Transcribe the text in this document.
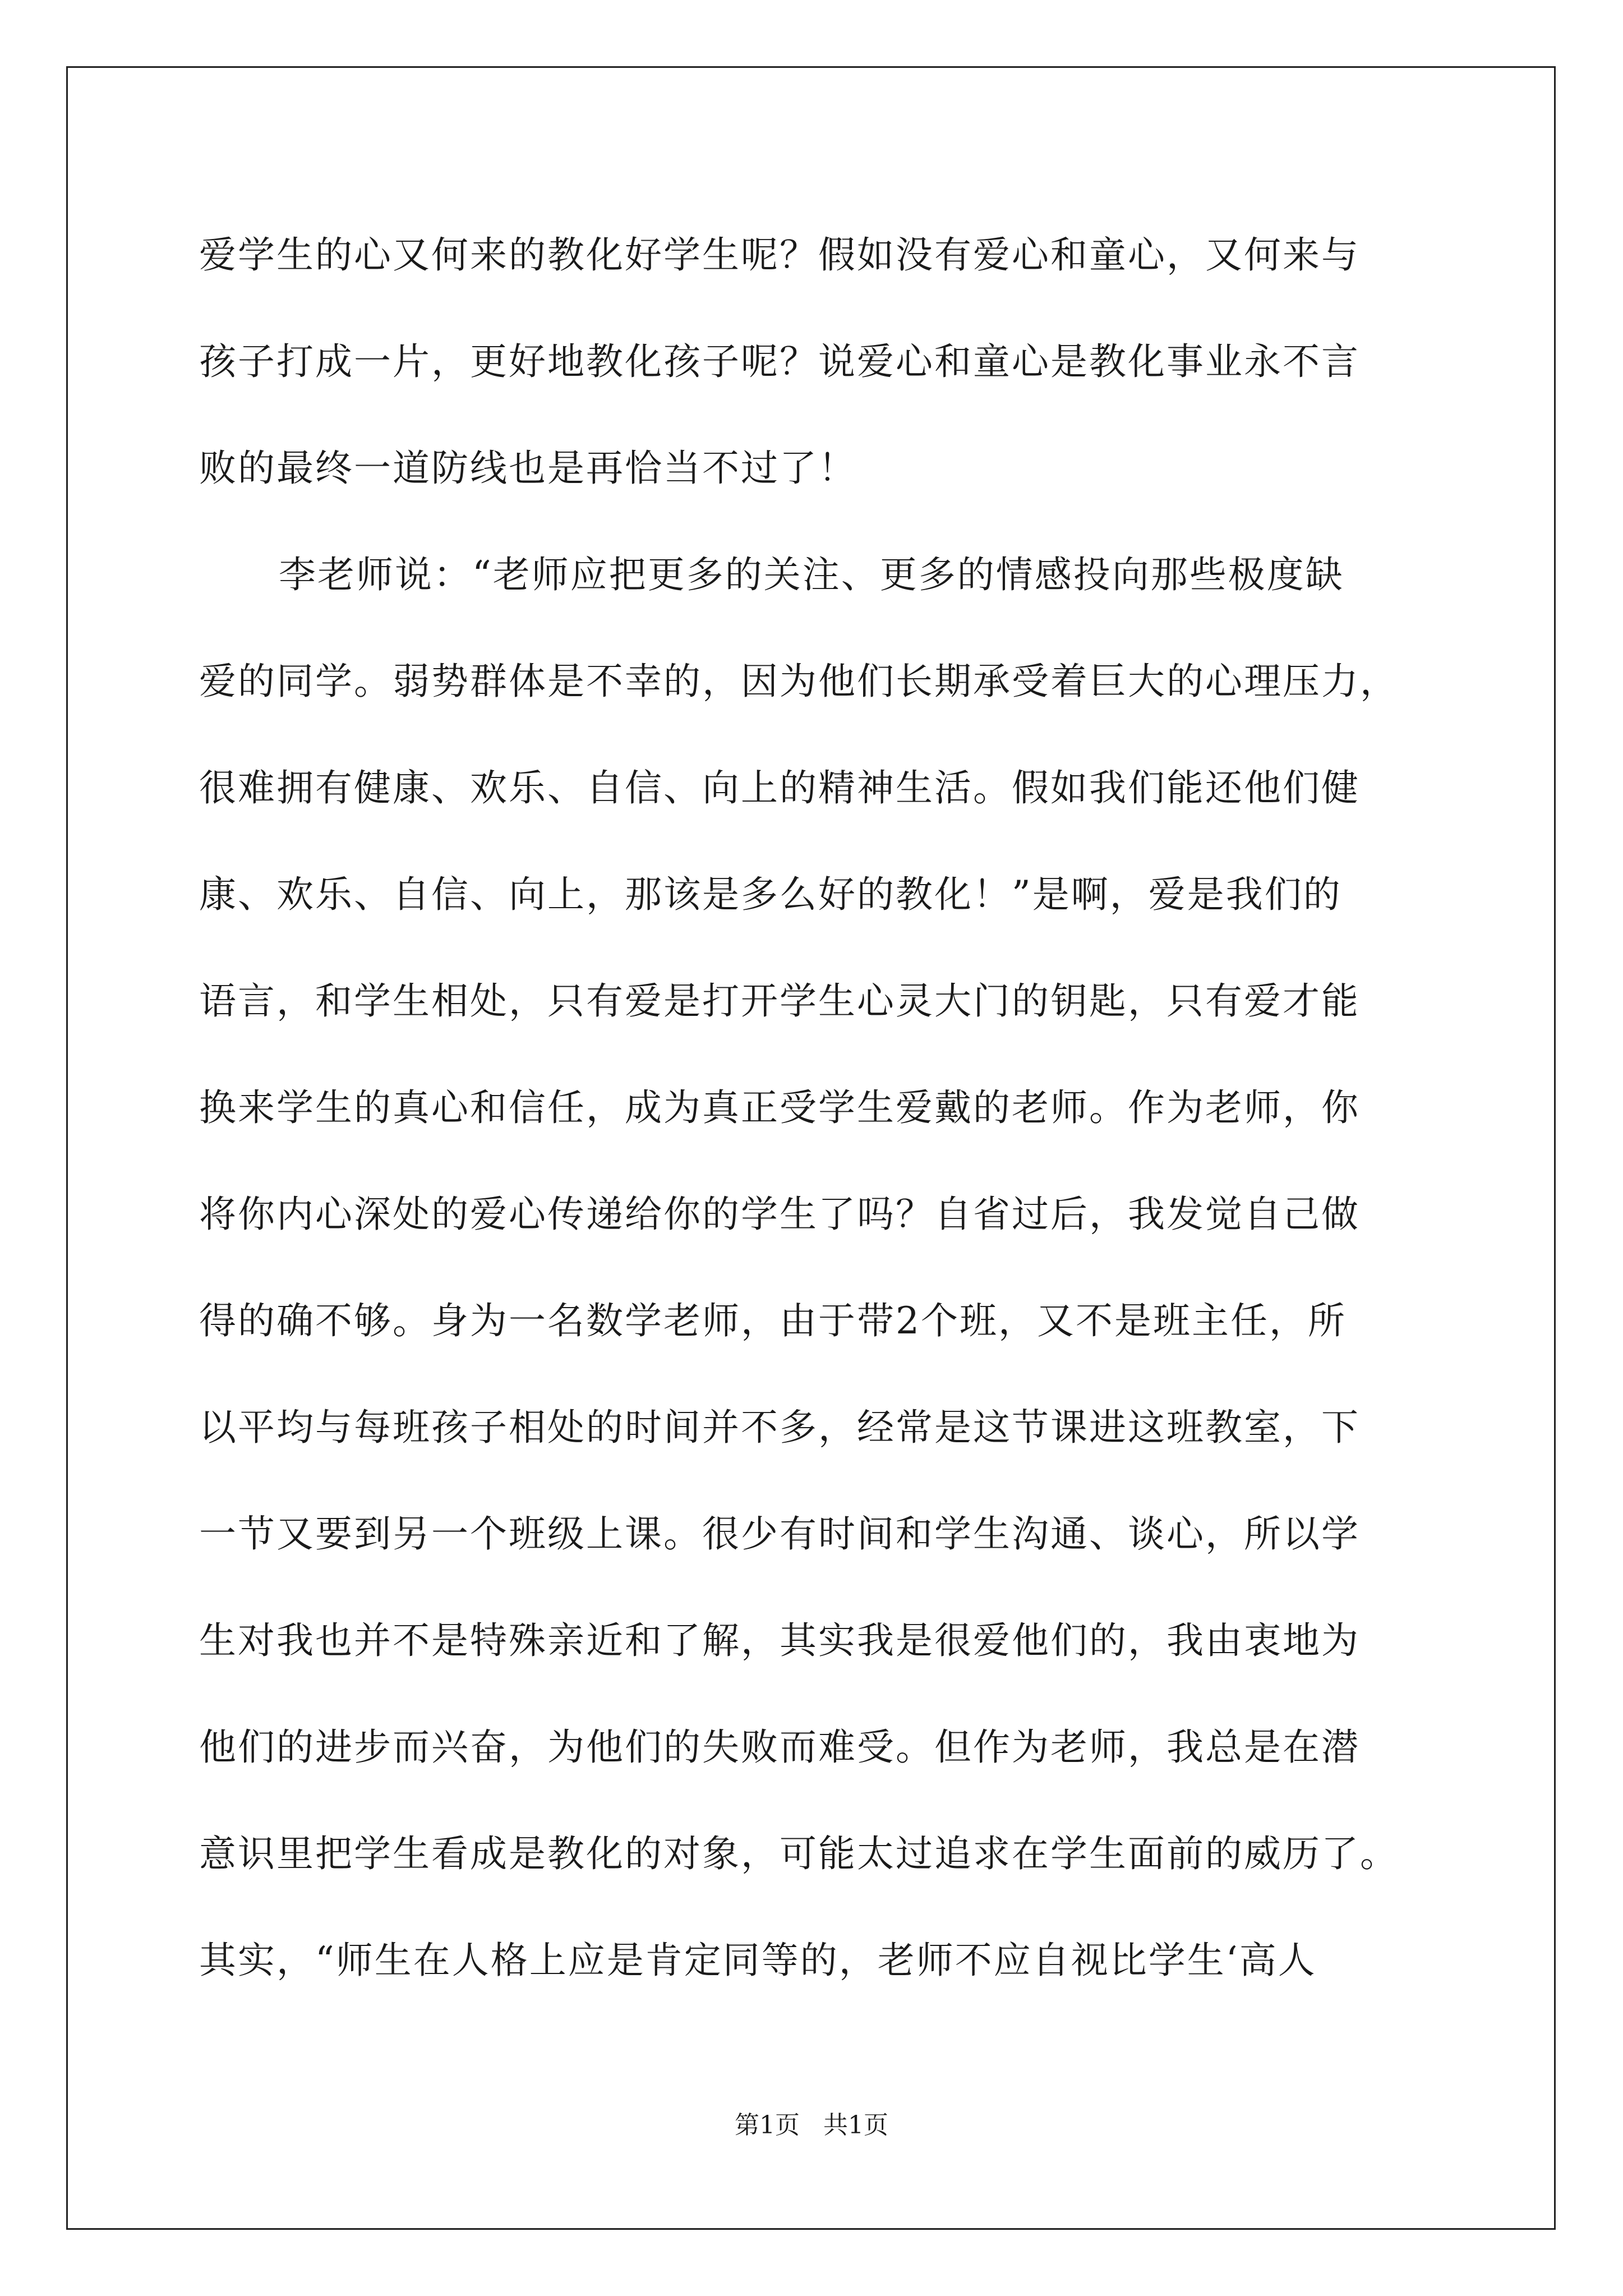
爱学生的心又何来的教化好学生呢？假如没有爱心和童心，又何来与
孩子打成一片，更好地教化孩子呢？说爱心和童心是教化事业永不言
败的最终一道防线也是再恰当不过了！
李老师说：“老师应把更多的关注、更多的情感投向那些极度缺
爱的同学。弱势群体是不幸的，因为他们长期承受着巨大的心理压力，
很难拥有健康、欢乐、自信、向上的精神生活。假如我们能还他们健
康、欢乐、自信、向上，那该是多么好的教化！”是啊，爱是我们的
语言，和学生相处，只有爱是打开学生心灵大门的钥匙，只有爱才能
换来学生的真心和信任，成为真正受学生爱戴的老师。作为老师，你
将你内心深处的爱心传递给你的学生了吗？自省过后，我发觉自己做
得的确不够。身为一名数学老师，由于带2个班，又不是班主任，所
以平均与每班孩子相处的时间并不多，经常是这节课进这班教室，下
一节又要到另一个班级上课。很少有时间和学生沟通、谈心，所以学
生对我也并不是特殊亲近和了解，其实我是很爱他们的，我由衷地为
他们的进步而兴奋，为他们的失败而难受。但作为老师，我总是在潜
意识里把学生看成是教化的对象，可能太过追求在学生面前的威历了。
其实，“师生在人格上应是肯定同等的，老师不应自视比学生‘高人
第1页   共1页
